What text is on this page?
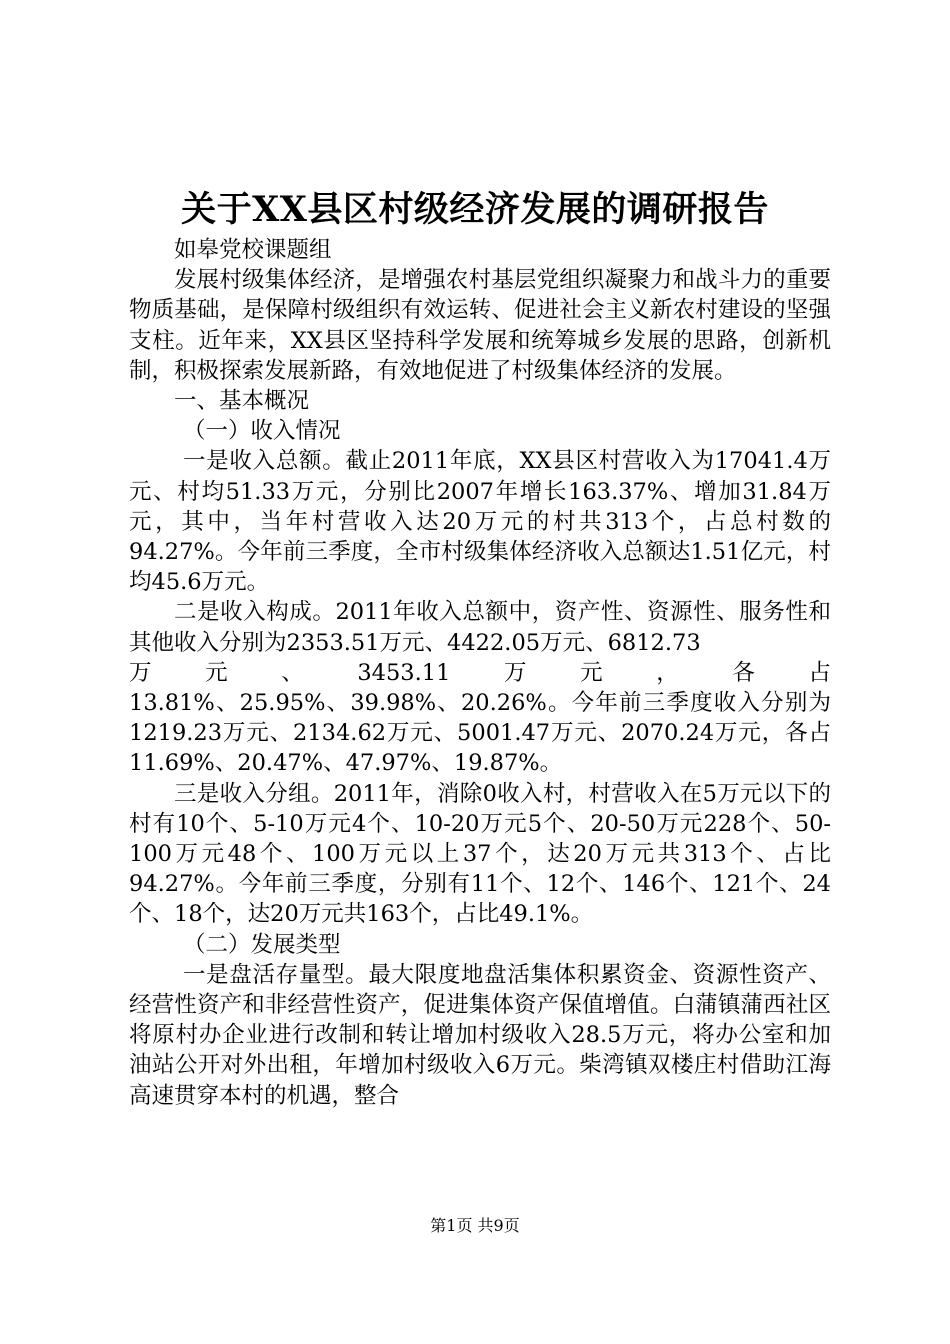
关于XX县区村级经济发展的调研报告

如皋党校课题组

发展村级集体经济，是增强农村基层党组织凝聚力和战斗力的重要物质基础，是保障村级组织有效运转、促进社会主义新农村建设的坚强支柱。近年来，XX县区坚持科学发展和统筹城乡发展的思路，创新机制，积极探索发展新路，有效地促进了村级集体经济的发展。

一、基本概况

（一）收入情况

一是收入总额。截止2011年底，XX县区村营收入为17041.4万元、村均51.33万元，分别比2007年增长163.37%、增加31.84万元，其中，当年村营收入达20万元的村共313个，占总村数的94.27%。今年前三季度，全市村级集体经济收入总额达1.51亿元，村均45.6万元。

二是收入构成。2011年收入总额中，资产性、资源性、服务性和其他收入分别为2353.51万元、4422.05万元、6812.73

万元、3453.11万元，各占

13.81%、25.95%、39.98%、20.26%。今年前三季度收入分别为1219.23万元、2134.62万元、5001.47万元、2070.24万元，各占11.69%、20.47%、47.97%、19.87%。

三是收入分组。2011年，消除0收入村，村营收入在5万元以下的村有10个、5-10万元4个、10-20万元5个、20-50万元228个、50-100万元48个、100万元以上37个，达20万元共313个、占比94.27%。今年前三季度，分别有11个、12个、146个、121个、24个、18个，达20万元共163个，占比49.1%。

（二）发展类型

一是盘活存量型。最大限度地盘活集体积累资金、资源性资产、经营性资产和非经营性资产，促进集体资产保值增值。白蒲镇蒲西社区将原村办企业进行改制和转让增加村级收入28.5万元，将办公室和加油站公开对外出租，年增加村级收入6万元。柴湾镇双楼庄村借助江海高速贯穿本村的机遇，整合

第1页 共9页
